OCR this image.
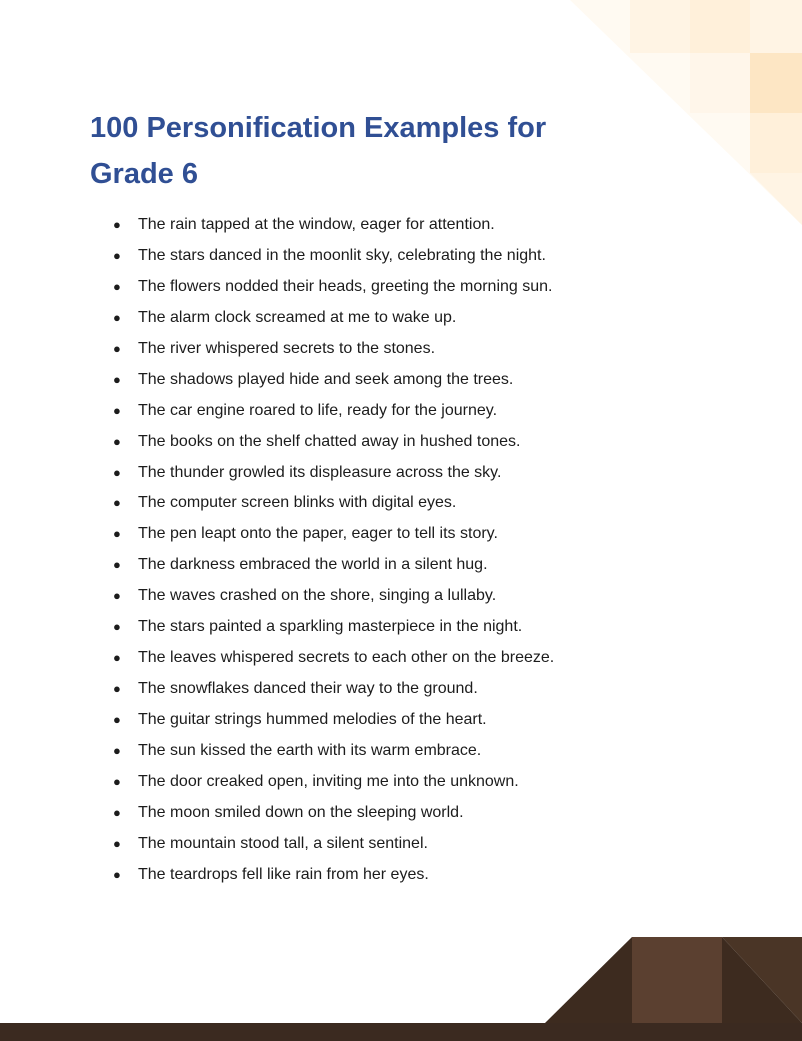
100 Personification Examples for Grade 6
● The rain tapped at the window, eager for attention.
● The stars danced in the moonlit sky, celebrating the night.
● The flowers nodded their heads, greeting the morning sun.
● The alarm clock screamed at me to wake up.
● The river whispered secrets to the stones.
● The shadows played hide and seek among the trees.
● The car engine roared to life, ready for the journey.
● The books on the shelf chatted away in hushed tones.
● The thunder growled its displeasure across the sky.
● The computer screen blinks with digital eyes.
● The pen leapt onto the paper, eager to tell its story.
● The darkness embraced the world in a silent hug.
● The waves crashed on the shore, singing a lullaby.
● The stars painted a sparkling masterpiece in the night.
● The leaves whispered secrets to each other on the breeze.
● The snowflakes danced their way to the ground.
● The guitar strings hummed melodies of the heart.
● The sun kissed the earth with its warm embrace.
● The door creaked open, inviting me into the unknown.
● The moon smiled down on the sleeping world.
● The mountain stood tall, a silent sentinel.
● The teardrops fell like rain from her eyes.
